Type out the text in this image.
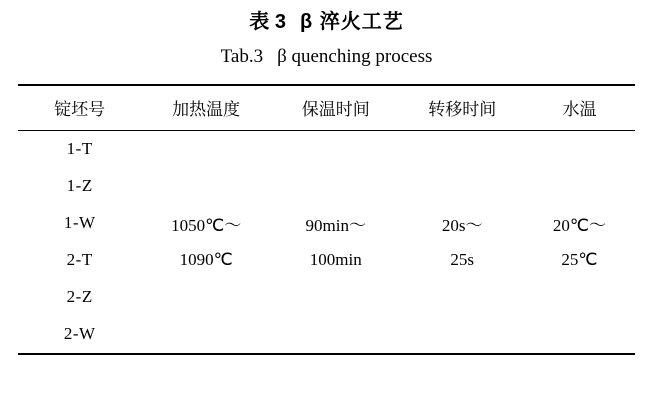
表 3 β 淬火工艺
Tab.3 β quenching process
锭坯号	加热温度	保温时间	转移时间	水温
1-T				
1-Z				
1-W	1050℃～	90min～	20s～	20℃～
2-T	1090℃	100min	25s	25℃
2-Z				
2-W				
